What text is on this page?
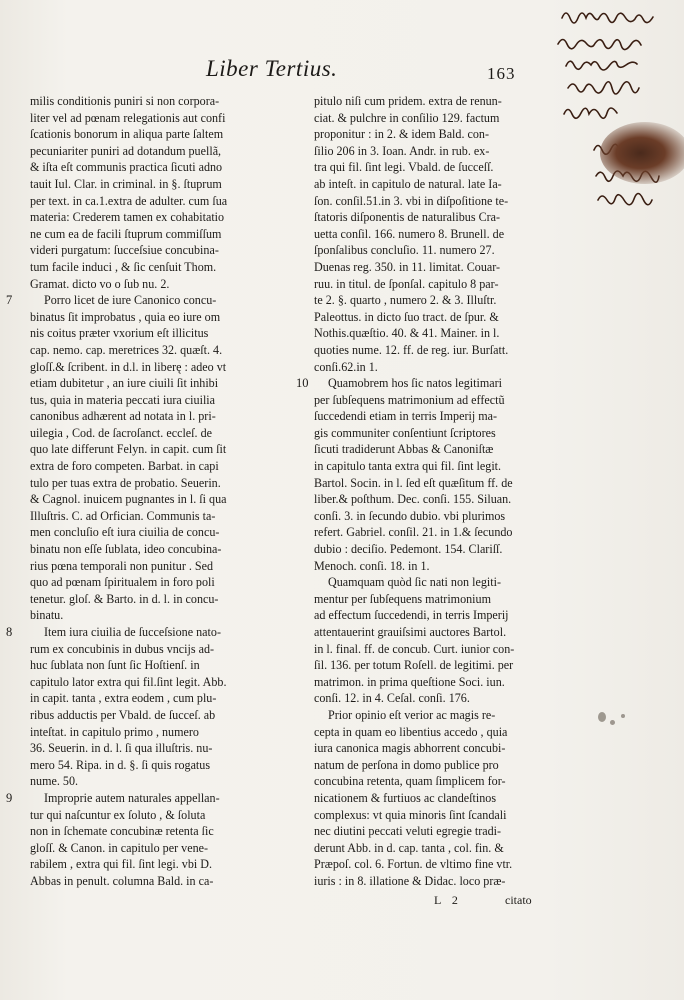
Liber Tertius.	163
milis conditionis puniri si non corpora-
liter vel ad pœnam relegationis aut confi
ſcationis bonorum in aliqua parte ſaltem
pecuniariter puniri ad dotandum puellã,
& iſta eſt communis practica ſicuti adno
tauit Iul. Clar. in criminal. in §. ſtuprum
per text. in ca.1.extra de adulter. cum ſua
materia: Crederem tamen ex cohabitatio
ne cum ea de facili ſtuprum commiſſum
videri purgatum: ſucceſsiue concubina-
tum facile induci , & ſic cenſuit Thom.
Gramat. dicto vo o ſub nu. 2.
Porro licet de iure Canonico concu-
7
binatus ſit improbatus , quia eo iure om
nis coitus præter vxorium eſt illicitus
cap. nemo. cap. meretrices 32. quæſt. 4.
gloſſ.& ſcribent. in d.l. in liberę : adeo vt
etiam dubitetur , an iure ciuili ſit inhibi
tus, quia in materia peccati iura ciuilia
canonibus adhærent ad notata in l. pri-
uilegia , Cod. de ſacroſanct. eccleſ. de
quo late differunt Felyn. in capit. cum ſit
extra de foro competen. Barbat. in capi
tulo per tuas extra de probatio. Seuerin.
& Cagnol. inuicem pugnantes in l. ſi qua
Illuſtris. C. ad Orfician. Communis ta-
men concluſio eſt iura ciuilia de concu-
binatu non eſſe ſublata, ideo concubina-
rius pœna temporali non punitur . Sed
quo ad pœnam ſpiritualem in foro poli
tenetur. gloſ. & Barto. in d. l. in concu-
binatu.
Item iura ciuilia de ſucceſsione nato-
8
rum ex concubinis in dubus vncijs ad-
huc ſublata non ſunt ſic Hoſtienſ. in
capitulo lator extra qui fil.ſint legit. Abb.
in capit. tanta , extra eodem , cum plu-
ribus adductis per Vbald. de ſucceſ. ab
inteſtat. in capitulo primo , numero
36. Seuerin. in d. l. ſi qua illuſtris. nu-
mero 54. Ripa. in d. §. ſi quis rogatus
nume. 50.
Improprie autem naturales appellan-
9
tur qui naſcuntur ex ſoluto , & ſoluta
non in ſchemate concubinæ retenta ſic
gloſſ. & Canon. in capitulo per vene-
rabilem , extra qui fil. ſint legi. vbi D.
Abbas in penult. columna Bald. in ca-
pitulo niſi cum pridem. extra de renun-
ciat. & pulchre in conſilio 129. factum
proponitur : in 2. & idem Bald. con-
ſilio 206 in 3. Ioan. Andr. in rub. ex-
tra qui fil. ſint legi. Vbald. de ſucceſſ.
ab inteſt. in capitulo de natural. late Ia-
ſon. conſil.51.in 3. vbi in diſpoſitione te-
ſtatoris diſponentis de naturalibus Cra-
uetta conſil. 166. numero 8. Brunell. de
ſponſalibus concluſio. 11. numero 27.
Duenas reg. 350. in 11. limitat. Couar-
ruu. in titul. de ſponſal. capitulo 8 par-
te 2. §. quarto , numero 2. & 3. Illuſtr.
Paleottus. in dicto ſuo tract. de ſpur. &
Nothis.quæſtio. 40. & 41. Mainer. in l.
quoties nume. 12. ff. de reg. iur. Burſatt.
conſi.62.in 1.
Quamobrem hos ſic natos legitimari
10
per ſubſequens matrimonium ad effectũ
ſuccedendi etiam in terris Imperij ma-
gis communiter conſentiunt ſcriptores
ſicuti tradiderunt Abbas & Canoniſtæ
in capitulo tanta extra qui fil. ſint legit.
Bartol. Socin. in l. ſed eſt quæſitum ff. de
liber.& poſthum. Dec. conſi. 155. Siluan.
conſi. 3. in ſecundo dubio. vbi plurimos
refert. Gabriel. conſil. 21. in 1.& ſecundo
dubio : deciſio. Pedemont. 154. Clariſſ.
Menoch. conſi. 18. in 1.
Quamquam quòd ſic nati non legiti-
mentur per ſubſequens matrimonium
ad effectum ſuccedendi, in terris Imperij
attentauerint grauiſsimi auctores Bartol.
in l. final. ff. de concub. Curt. iunior con-
ſil. 136. per totum Roſell. de legitimi. per
matrimon. in prima queſtione Soci. iun.
conſi. 12. in 4. Ceſal. conſi. 176.
Prior opinio eſt verior ac magis re-
cepta in quam eo libentius accedo , quia
iura canonica magis abhorrent concubi-
natum de perſona in domo publice pro
concubina retenta, quam ſimplicem for-
nicationem & furtiuos ac clandeſtinos
complexus: vt quia minoris ſint ſcandali
nec diutini peccati veluti egregie tradi-
derunt Abb. in d. cap. tanta , col. fin. &
Præpoſ. col. 6. Fortun. de vltimo fine vtr.
iuris : in 8. illatione & Didac. loco præ-
L 2	citato
